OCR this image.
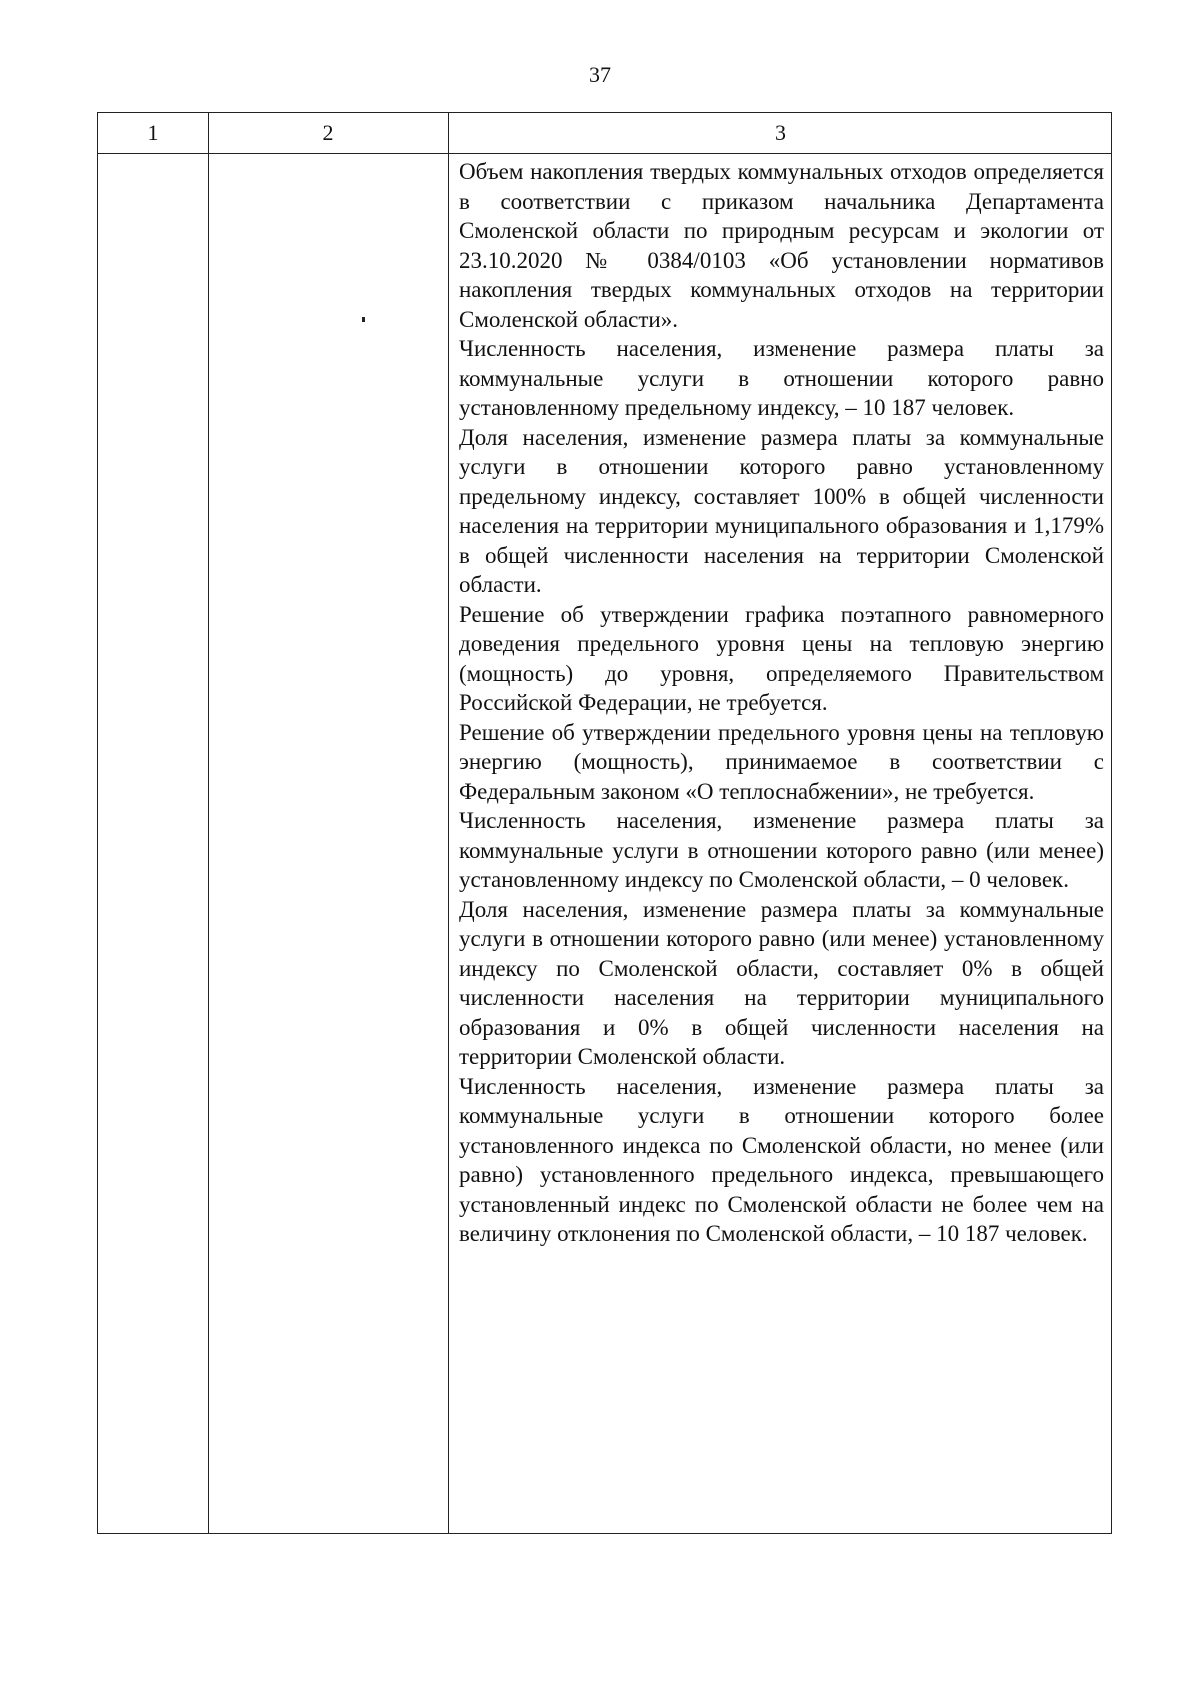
37
1	2	3

Объем накопления твердых коммунальных отходов определяется в соответствии с приказом начальника Департамента Смоленской области по природным ресурсам и экологии от 23.10.2020 № 0384/0103 «Об установлении нормативов накопления твердых коммунальных отходов на территории Смоленской области».

Численность населения, изменение размера платы за коммунальные услуги в отношении которого равно установленному предельному индексу, – 10 187 человек.

Доля населения, изменение размера платы за коммунальные услуги в отношении которого равно установленному предельному индексу, составляет 100% в общей численности населения на территории муниципального образования и 1,179% в общей численности населения на территории Смоленской области.

Решение об утверждении графика поэтапного равномерного доведения предельного уровня цены на тепловую энергию (мощность) до уровня, определяемого Правительством Российской Федерации, не требуется.

Решение об утверждении предельного уровня цены на тепловую энергию (мощность), принимаемое в соответствии с Федеральным законом «О теплоснабжении», не требуется.

Численность населения, изменение размера платы за коммунальные услуги в отношении которого равно (или менее) установленному индексу по Смоленской области, – 0 человек.

Доля населения, изменение размера платы за коммунальные услуги в отношении которого равно (или менее) установленному индексу по Смоленской области, составляет 0% в общей численности населения на территории муниципального образования и 0% в общей численности населения на территории Смоленской области.

Численность населения, изменение размера платы за коммунальные услуги в отношении которого более установленного индекса по Смоленской области, но менее (или равно) установленного предельного индекса, превышающего установленный индекс по Смоленской области не более чем на величину отклонения по Смоленской области, – 10 187 человек.
